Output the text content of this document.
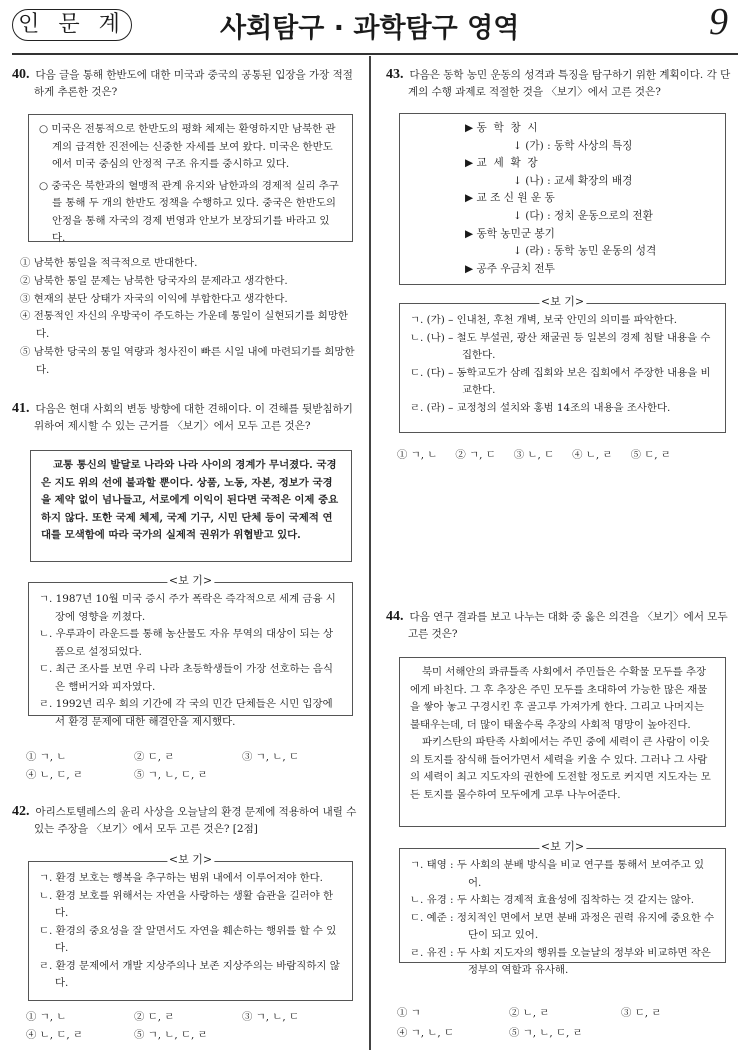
인 문 계	사회탐구 · 과학탐구 영역	9

40. 다음 글을 통해 한반도에 대한 미국과 중국의 공통된 입장을 가장 적절하게 추론한 것은?

○ 미국은 전통적으로 한반도의 평화 체제는 환영하지만 남북한 관계의 급격한 진전에는 신중한 자세를 보여 왔다. 미국은 한반도에서 미국 중심의 안정적 구조 유지를 중시하고 있다.

○ 중국은 북한과의 혈맹적 관계 유지와 남한과의 경제적 실리 추구를 통해 두 개의 한반도 정책을 수행하고 있다. 중국은 한반도의 안정을 통해 자국의 경제 번영과 안보가 보장되기를 바라고 있다.

① 남북한 통일을 적극적으로 반대한다.

② 남북한 통일 문제는 남북한 당국자의 문제라고 생각한다.

③ 현재의 분단 상태가 자국의 이익에 부합한다고 생각한다.

④ 전통적인 자신의 우방국이 주도하는 가운데 통일이 실현되기를 희망한다.

⑤ 남북한 당국의 통일 역량과 청사진이 빠른 시일 내에 마련되기를 희망한다.

41. 다음은 현대 사회의 변동 방향에 대한 견해이다. 이 견해를 뒷받침하기 위하여 제시할 수 있는 근거를 〈보기〉에서 모두 고른 것은?

교통 통신의 발달로 나라와 나라 사이의 경계가 무너졌다. 국경은 지도 위의 선에 불과할 뿐이다. 상품, 노동, 자본, 정보가 국경을 제약 없이 넘나들고, 서로에게 이익이 된다면 국적은 이제 중요하지 않다. 또한 국제 체제, 국제 기구, 시민 단체 등이 국제적 연대를 모색함에 따라 국가의 실제적 권위가 위협받고 있다.
<보 기>

ㄱ. 1987년 10월 미국 증시 주가 폭락은 즉각적으로 세계 금융 시장에 영향을 끼쳤다.

ㄴ. 우루과이 라운드를 통해 농산물도 자유 무역의 대상이 되는 상품으로 설정되었다.

ㄷ. 최근 조사를 보면 우리 나라 초등학생들이 가장 선호하는 음식은 햄버거와 피자였다.

ㄹ. 1992년 리우 회의 기간에 각 국의 민간 단체들은 시민 입장에서 환경 문제에 대한 해결안을 제시했다.

① ㄱ, ㄴ	② ㄷ, ㄹ	③ ㄱ, ㄴ, ㄷ
④ ㄴ, ㄷ, ㄹ	⑤ ㄱ, ㄴ, ㄷ, ㄹ

42. 아리스토텔레스의 윤리 사상을 오늘날의 환경 문제에 적용하여 내릴 수 있는 주장을 〈보기〉에서 모두 고른 것은? [2점]

<보 기>

ㄱ. 환경 보호는 행복을 추구하는 범위 내에서 이루어져야 한다.

ㄴ. 환경 보호를 위해서는 자연을 사랑하는 생활 습관을 길러야 한다.

ㄷ. 환경의 중요성을 잘 알면서도 자연을 훼손하는 행위를 할 수 있다.

ㄹ. 환경 문제에서 개발 지상주의나 보존 지상주의는 바람직하지 않다.

① ㄱ, ㄴ	② ㄷ, ㄹ	③ ㄱ, ㄴ, ㄷ
④ ㄴ, ㄷ, ㄹ	⑤ ㄱ, ㄴ, ㄷ, ㄹ

43. 다음은 동학 농민 운동의 성격과 특징을 탐구하기 위한 계획이다. 각 단계의 수행 과제로 적절한 것을 〈보기〉에서 고른 것은?

▶ 동  학  창  시

↓ (가) : 동학 사상의 특징

▶ 교  세  확  장

↓ (나) : 교세 확장의 배경

▶ 교 조 신 원 운 동

↓ (다) : 정치 운동으로의 전환

▶ 동학 농민군 봉기

↓ (라) : 동학 농민 운동의 성격

▶ 공주 우금치 전투

<보 기>

ㄱ. (가) – 인내천, 후천 개벽, 보국 안민의 의미를 파악한다.

ㄴ. (나) – 철도 부설권, 광산 채굴권 등 일본의 경제 침탈 내용을 수집한다.

ㄷ. (다) – 동학교도가 삼례 집회와 보은 집회에서 주장한 내용을 비교한다.

ㄹ. (라) – 교정청의 설치와 홍범 14조의 내용을 조사한다.

① ㄱ, ㄴ ② ㄱ, ㄷ ③ ㄴ, ㄷ ④ ㄴ, ㄹ ⑤ ㄷ, ㄹ

44. 다음 연구 결과를 보고 나누는 대화 중 옳은 의견을 〈보기〉에서 모두 고른 것은?

북미 서해안의 콰큐틀족 사회에서 주민들은 수확물 모두를 추장에게 바친다. 그 후 추장은 주민 모두를 초대하여 가능한 많은 재물을 쌓아 놓고 구경시킨 후 골고루 가져가게 한다. 그리고 나머지는 불태우는데, 더 많이 태울수록 추장의 사회적 명망이 높아진다.

파키스탄의 파탄족 사회에서는 주민 중에 세력이 큰 사람이 이웃의 토지를 잠식해 들어가면서 세력을 키울 수 있다. 그러나 그 사람의 세력이 최고 지도자의 권한에 도전할 정도로 커지면 지도자는 모든 토지를 몰수하여 모두에게 고루 나누어준다.

<보 기>

ㄱ. 태영 : 두 사회의 분배 방식을 비교 연구를 통해서 보여주고 있어.

ㄴ. 유경 : 두 사회는 경제적 효율성에 집착하는 것 같지는 않아.

ㄷ. 예준 : 정치적인 면에서 보면 분배 과정은 권력 유지에 중요한 수단이 되고 있어.

ㄹ. 유진 : 두 사회 지도자의 행위를 오늘날의 정부와 비교하면 작은 정부의 역할과 유사해.

① ㄱ	② ㄴ, ㄹ	③ ㄷ, ㄹ
④ ㄱ, ㄴ, ㄷ	⑤ ㄱ, ㄴ, ㄷ, ㄹ
